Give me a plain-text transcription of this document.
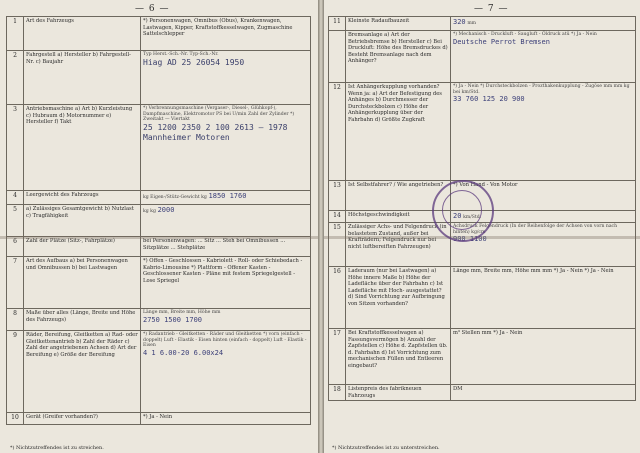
— 6 —
1	Art des Fahrzeugs	*) Personenwagen, Omnibus (Obus), Krankenwagen, Lastwagen, Kipper, Kraftstoffkesselwagen, Zugmaschine Sattelschlepper
2	Fahrgestell a) Hersteller b) Fahrgestell-Nr. c) Baujahr	Typ Herst.-Sch.-Nr. Typ-Sch.-Nr.
Hiag AD 25 26054 1950
3	Antriebsmaschine a) Art b) Kurzleistung c) Hubraum d) Motornummer e) Hersteller f) Takt	*) Verbrennungsmaschine (Vergaser-, Diesel-, Glühkopf-), Dampfmaschine, Elektromotor PS bei U/min Zahl der Zylinder *) Zweitakt — Viertakt
25 1200 2350 2 100 2613 — 1978 Mannheimer Motoren
4	Leergewicht des Fahrzeugs	kg Eigen-/Stütz-Gewicht kg 1850 1760
5	a) Zulässiges Gesamtgewicht b) Nutzlast c) Tragfähigkeit	kg kg 2000
6	Zahl der Plätze (Sitz-, Fahrplätze)	bei Personenwagen: ... Sitz ... Steh bei Omnibussen ... Sitzplätze ... Stehplätze
7	Art des Aufbaus a) bei Personenwagen und Omnibussen b) bei Lastwagen	*) Offen - Geschlossen - Kabriolett - Roll- oder Schiebedach - Kabrio-Limousine *) Plattform - Offener Kasten - Geschlossener Kasten - Pläne mit festem Spriegelgestell - Lose Spriegel
8	Maße über alles (Länge, Breite und Höhe des Fahrzeugs)	Länge mm, Breite mm, Höhe mm
2750 1500 1700

9	Räder, Bereifung, Gleitketten a) Rad- oder Gleitkettenantrieb b) Zahl der Räder c) Zahl der angetriebenen Achsen d) Art der Bereifung e) Größe der Bereifung	*) Radantrieb - Gleitketten - Räder und Gleitketten *) vorn (einfach - doppelt) Luft - Elastik - Eisen hinten (einfach - doppelt) Luft - Elastik - Eisen
4 1 6.00-20 6.00x24

10	Gerät (Greifer vorhanden?)	*) Ja - Nein
*) Nichtzutreffendes ist zu streichen.
— 7 —
11	Kleinste Radaufbauzeit	320 mm
	Bremsanlage a) Art der Betriebsbremse b) Hersteller c) Bei Druckluft: Höhe des Bremsdruckes d) Besteht Bremsanlage nach dem Anhänger?	*) Mechanisch - Druckluft - Saugluft - Öldruck atü *) Ja - Nein
Deutsche Perrot Bremsen

12	Ist Anhängerkupplung vorhanden? Wenn ja: a) Art der Befestigung des Anhänges b) Durchmesser der Durchsteckbolzen c) Höhe der Anhängerkupplung über der Fahrbahn d) Größte Zugkraft	*) Ja - Nein *) Durchsteckbolzen - Prozthakenkupplung - Zugöse mm mm kg bei km/Std.
33 760 125 20 900

13	Ist Selbstfahrer? / Wie angetrieben?	*) Von Hand - Von Motor
14	Höchstgeschwindigkeit	20 km/Std.
15	Zulässiger Achs- und Felgendruck (in belastetem Zustand, außer bei Krafträdern; Felgendruck nur bei nicht luftbereiften Fahrzeugen)	Achsdruck Felgendruck (In der Reihenfolge der Achsen von vorn nach hinten) kg/cm
900 1100

16	Laderaum (nur bei Lastwagen) a) Höhe innere Maße b) Höhe der Ladefläche über der Fahrbahn c) Ist Ladefläche mit Hoch- ausgestattet? d) Sind Vorrichtung zur Aufbringung von Sitzen vorhanden?	Länge mm, Breite mm, Höhe mm mm *) Ja - Nein *) Ja - Nein
17	Bei Kraftstoffkesselwagen a) Fassungsvermögen b) Anzahl der Zapfstellen c) Höhe d. Zapfstellen üb. d. Fahrbahn d) Ist Vorrichtung zum mechanischen Füllen und Entleeren eingebaut?	m³ Stellen mm *) Ja - Nein
18	Listenpreis des fabrikneuen Fahrzeugs	DM
*) Nichtzutreffendes ist zu unterstreichen.
